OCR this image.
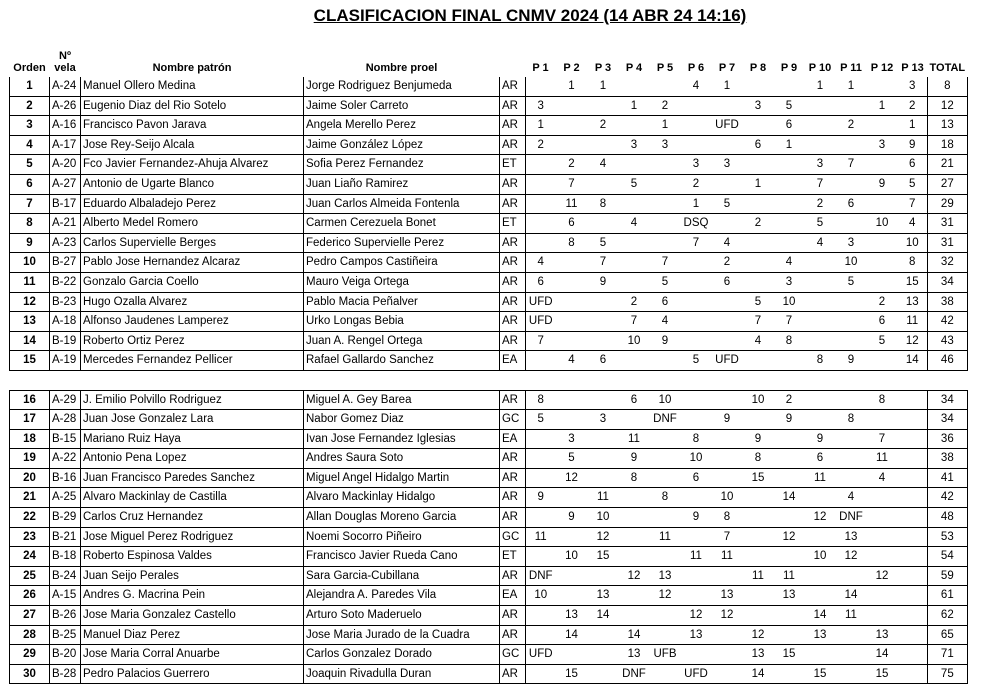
CLASIFICACION FINAL CNMV 2024 (14 ABR 24 14:16)
Orden	Nº
vela	Nombre patrón	Nombre proel		P 1	P 2	P 3	P 4	P 5	P 6	P 7	P 8	P 9	P 10	P 11	P 12	P 13	TOTAL
1	A-24	Manuel Ollero Medina	Jorge Rodriguez Benjumeda	AR		1	1			4	1			1	1		3	8
2	A-26	Eugenio Diaz del Rio Sotelo	Jaime Soler Carreto	AR	3			1	2			3	5			1	2	12
3	A-16	Francisco Pavon Jarava	Angela Merello Perez	AR	1		2		1		UFD		6		2		1	13
4	A-17	Jose Rey-Seijo Alcala	Jaime González López	AR	2			3	3			6	1			3	9	18
5	A-20	Fco Javier Fernandez-Ahuja Alvarez	Sofia Perez Fernandez	ET		2	4			3	3			3	7		6	21
6	A-27	Antonio de Ugarte Blanco	Juan Liaño Ramirez	AR		7		5		2		1		7		9	5	27
7	B-17	Eduardo Albaladejo Perez	Juan Carlos Almeida Fontenla	AR		11	8			1	5			2	6		7	29
8	A-21	Alberto Medel Romero	Carmen Cerezuela Bonet	ET		6		4		DSQ		2		5		10	4	31
9	A-23	Carlos Supervielle Berges	Federico Supervielle Perez	AR		8	5			7	4			4	3		10	31
10	B-27	Pablo Jose Hernandez Alcaraz	Pedro Campos Castiñeira	AR	4		7		7		2		4		10		8	32
11	B-22	Gonzalo Garcia Coello	Mauro Veiga Ortega	AR	6		9		5		6		3		5		15	34
12	B-23	Hugo Ozalla Alvarez	Pablo Macia Peñalver	AR	UFD			2	6			5	10			2	13	38
13	A-18	Alfonso Jaudenes Lamperez	Urko Longas Bebia	AR	UFD			7	4			7	7			6	11	42
14	B-19	Roberto Ortiz Perez	Juan A. Rengel Ortega	AR	7			10	9			4	8			5	12	43
15	A-19	Mercedes Fernandez Pellicer	Rafael Gallardo Sanchez	EA		4	6			5	UFD			8	9		14	46

16	A-29	J. Emilio Polvillo Rodriguez	Miguel A. Gey Barea	AR	8			6	10			10	2			8		34
17	A-28	Juan Jose Gonzalez Lara	Nabor Gomez Diaz	GC	5		3		DNF		9		9		8			34
18	B-15	Mariano Ruiz Haya	Ivan Jose Fernandez Iglesias	EA		3		11		8		9		9		7		36
19	A-22	Antonio Pena Lopez	Andres Saura Soto	AR		5		9		10		8		6		11		38
20	B-16	Juan Francisco Paredes Sanchez	Miguel Angel Hidalgo Martin	AR		12		8		6		15		11		4		41
21	A-25	Alvaro Mackinlay de Castilla	Alvaro Mackinlay Hidalgo	AR	9		11		8		10		14		4			42
22	B-29	Carlos Cruz Hernandez	Allan Douglas Moreno Garcia	AR		9	10			9	8			12	DNF			48
23	B-21	Jose Miguel Perez Rodriguez	Noemi Socorro Piñeiro	GC	11		12		11		7		12		13			53
24	B-18	Roberto Espinosa Valdes	Francisco Javier Rueda Cano	ET		10	15			11	11			10	12			54
25	B-24	Juan Seijo Perales	Sara Garcia-Cubillana	AR	DNF			12	13			11	11			12		59
26	A-15	Andres G. Macrina Pein	Alejandra A. Paredes Vila	EA	10		13		12		13		13		14			61
27	B-26	Jose Maria Gonzalez Castello	Arturo Soto Maderuelo	AR		13	14			12	12			14	11			62
28	B-25	Manuel Diaz Perez	Jose Maria Jurado de la Cuadra	AR		14		14		13		12		13		13		65
29	B-20	Jose Maria Corral Anuarbe	Carlos Gonzalez Dorado	GC	UFD			13	UFB			13	15			14		71
30	B-28	Pedro Palacios Guerrero	Joaquin Rivadulla Duran	AR		15		DNF		UFD		14		15		15		75
